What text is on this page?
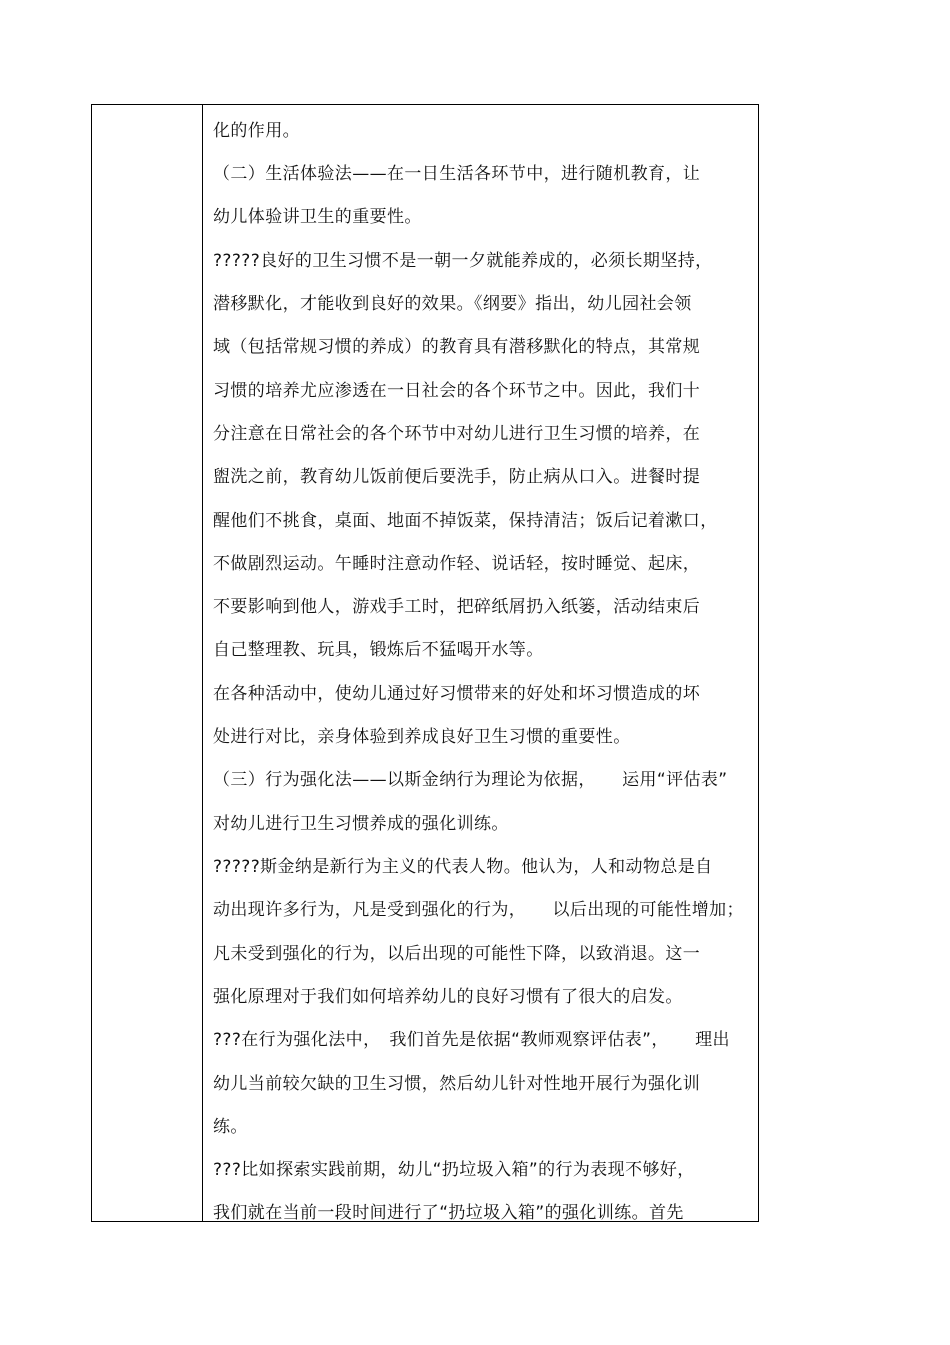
化的作用。
（二）生活体验法——在一日生活各环节中，进行随机教育，让
幼儿体验讲卫生的重要性。
?????良好的卫生习惯不是一朝一夕就能养成的，必须长期坚持，
潜移默化，才能收到良好的效果。《纲要》指出，幼儿园社会领
域（包括常规习惯的养成）的教育具有潜移默化的特点，其常规
习惯的培养尤应渗透在一日社会的各个环节之中。因此，我们十
分注意在日常社会的各个环节中对幼儿进行卫生习惯的培养，在
盥洗之前，教育幼儿饭前便后要洗手，防止病从口入。进餐时提
醒他们不挑食，桌面、地面不掉饭菜，保持清洁；饭后记着漱口，
不做剧烈运动。午睡时注意动作轻、说话轻，按时睡觉、起床，
不要影响到他人，游戏手工时，把碎纸屑扔入纸篓，活动结束后
自己整理教、玩具，锻炼后不猛喝开水等。
在各种活动中，使幼儿通过好习惯带来的好处和坏习惯造成的坏
处进行对比，亲身体验到养成良好卫生习惯的重要性。
（三）行为强化法——以斯金纳行为理论为依据，　　运用“评估表”
对幼儿进行卫生习惯养成的强化训练。
?????斯金纳是新行为主义的代表人物。他认为，人和动物总是自
动出现许多行为，凡是受到强化的行为，　　以后出现的可能性增加；
凡未受到强化的行为，以后出现的可能性下降，以致消退。这一
强化原理对于我们如何培养幼儿的良好习惯有了很大的启发。
???在行为强化法中，　我们首先是依据“教师观察评估表”，　　理出
幼儿当前较欠缺的卫生习惯，然后幼儿针对性地开展行为强化训
练。
???比如探索实践前期，幼儿“扔垃圾入箱”的行为表现不够好，
我们就在当前一段时间进行了“扔垃圾入箱”的强化训练。首先
